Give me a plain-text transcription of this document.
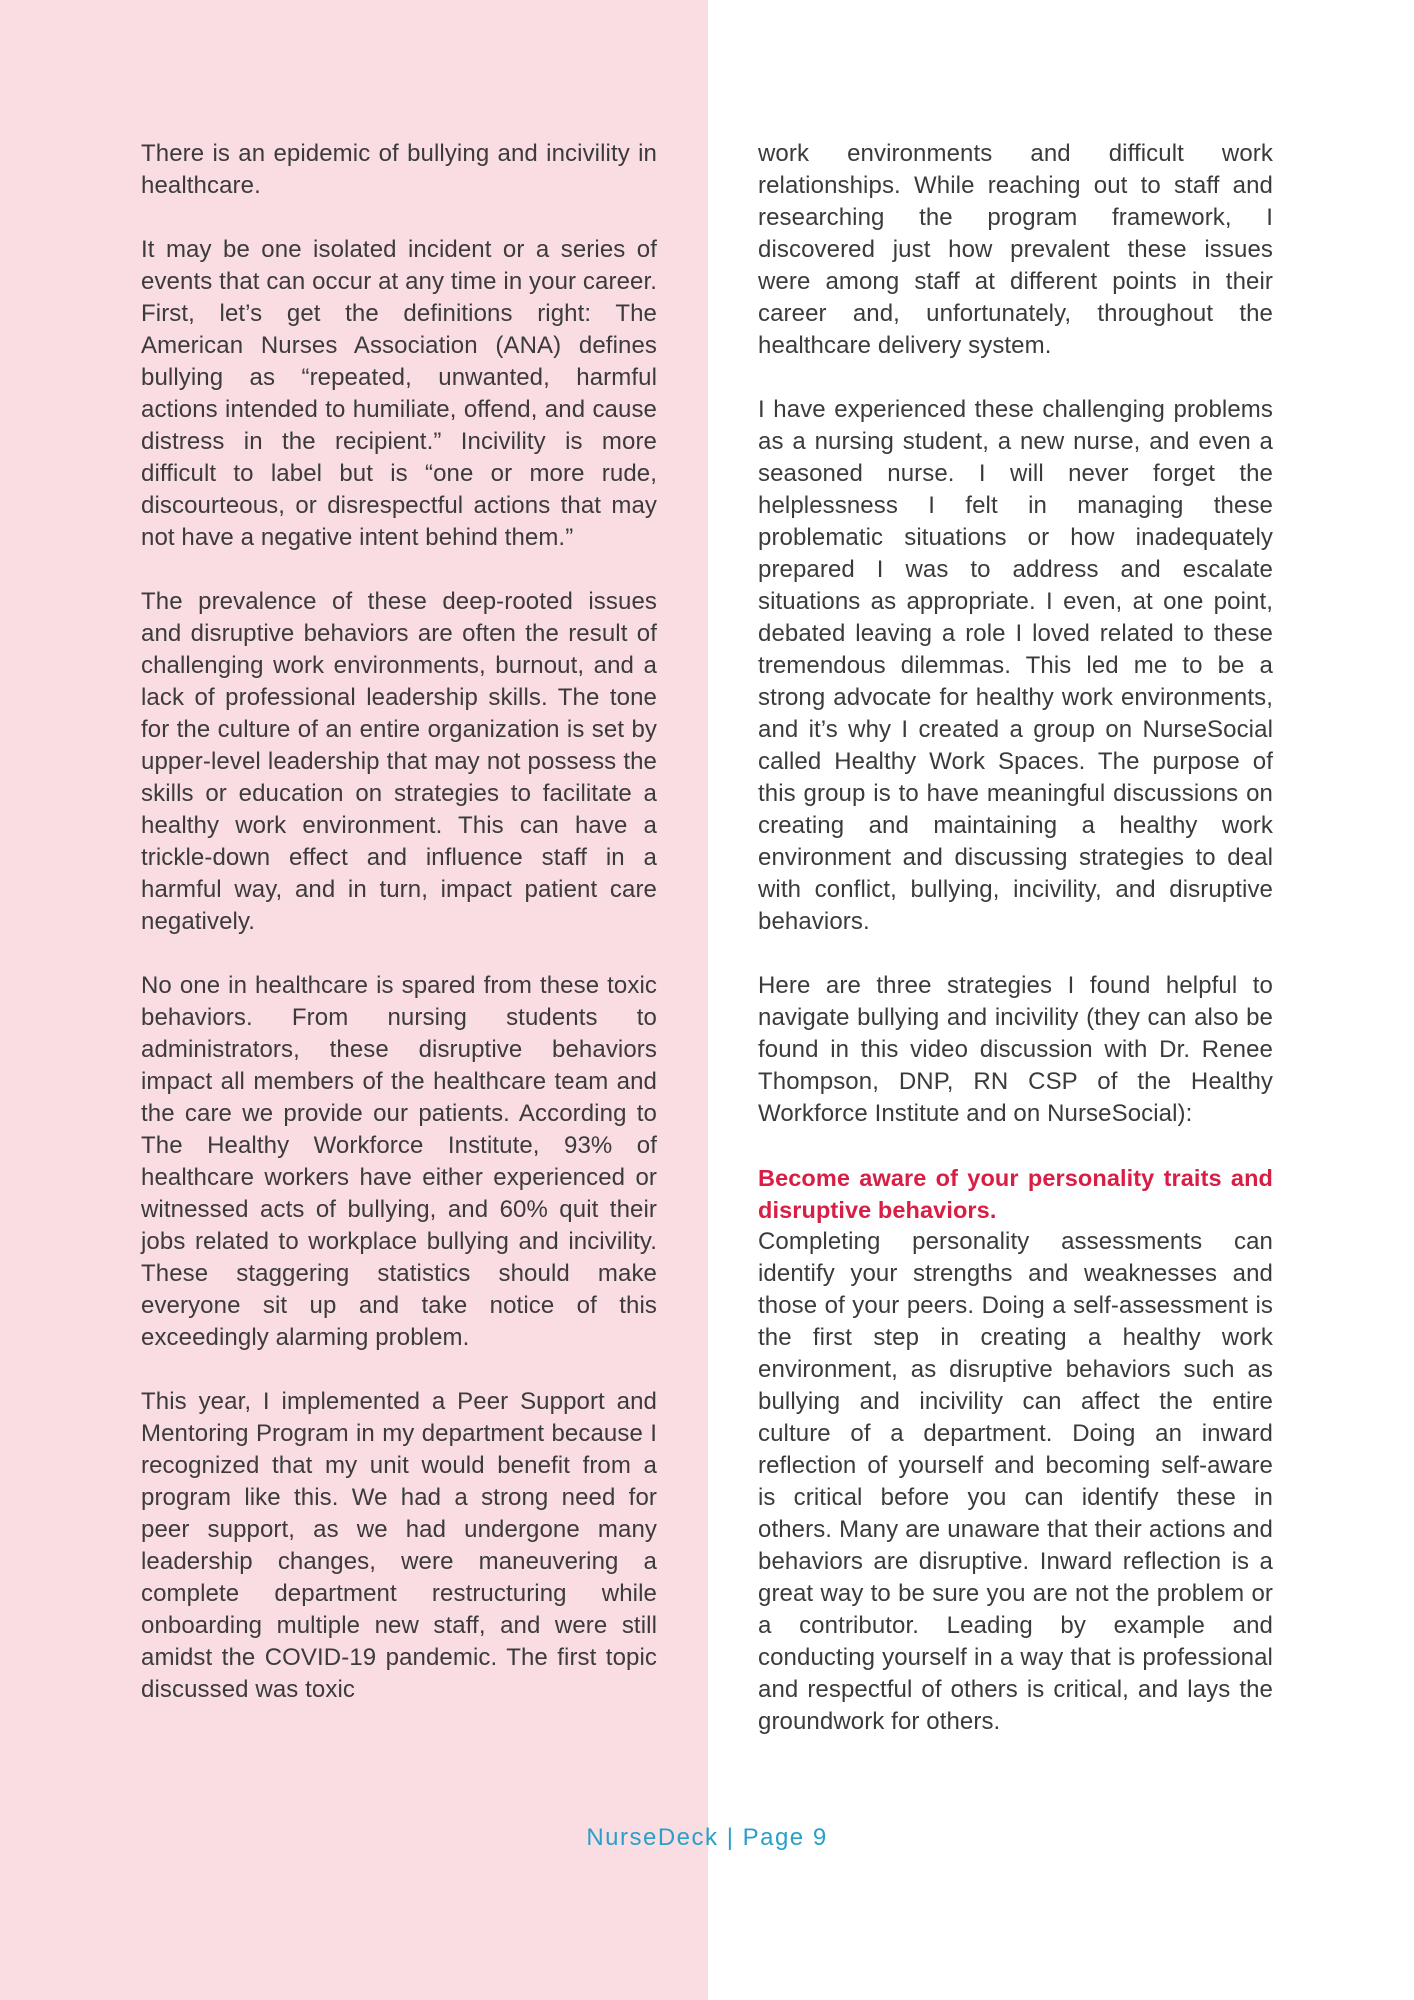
There is an epidemic of bullying and incivility in healthcare.

It may be one isolated incident or a series of events that can occur at any time in your career. First, let’s get the definitions right: The American Nurses Association (ANA) defines bullying as “repeated, unwanted, harmful actions intended to humiliate, offend, and cause distress in the recipient.” Incivility is more difficult to label but is “one or more rude, discourteous, or disrespectful actions that may not have a negative intent behind them.”

The prevalence of these deep-rooted issues and disruptive behaviors are often the result of challenging work environments, burnout, and a lack of professional leadership skills. The tone for the culture of an entire organization is set by upper-level leadership that may not possess the skills or education on strategies to facilitate a healthy work environment. This can have a trickle-down effect and influence staff in a harmful way, and in turn, impact patient care negatively.

No one in healthcare is spared from these toxic behaviors. From nursing students to administrators, these disruptive behaviors impact all members of the healthcare team and the care we provide our patients. According to The Healthy Workforce Institute, 93% of healthcare workers have either experienced or witnessed acts of bullying, and 60% quit their jobs related to workplace bullying and incivility. These staggering statistics should make everyone sit up and take notice of this exceedingly alarming problem.

This year, I implemented a Peer Support and Mentoring Program in my department because I recognized that my unit would benefit from a program like this. We had a strong need for peer support, as we had undergone many leadership changes, were maneuvering a complete department restructuring while onboarding multiple new staff, and were still amidst the COVID-19 pandemic. The first topic discussed was toxic

work environments and difficult work relationships. While reaching out to staff and researching the program framework, I discovered just how prevalent these issues were among staff at different points in their career and, unfortunately, throughout the healthcare delivery system.

I have experienced these challenging problems as a nursing student, a new nurse, and even a seasoned nurse. I will never forget the helplessness I felt in managing these problematic situations or how inadequately prepared I was to address and escalate situations as appropriate. I even, at one point, debated leaving a role I loved related to these tremendous dilemmas. This led me to be a strong advocate for healthy work environments, and it’s why I created a group on NurseSocial called Healthy Work Spaces. The purpose of this group is to have meaningful discussions on creating and maintaining a healthy work environment and discussing strategies to deal with conflict, bullying, incivility, and disruptive behaviors.

Here are three strategies I found helpful to navigate bullying and incivility (they can also be found in this video discussion with Dr. Renee Thompson, DNP, RN CSP of the Healthy Workforce Institute and on NurseSocial):

Become aware of your personality traits and disruptive behaviors.

Completing personality assessments can identify your strengths and weaknesses and those of your peers. Doing a self-assessment is the first step in creating a healthy work environment, as disruptive behaviors such as bullying and incivility can affect the entire culture of a department. Doing an inward reflection of yourself and becoming self-aware is critical before you can identify these in others. Many are unaware that their actions and behaviors are disruptive. Inward reflection is a great way to be sure you are not the problem or a contributor. Leading by example and conducting yourself in a way that is professional and respectful of others is critical, and lays the groundwork for others.

NurseDeck | Page 9
